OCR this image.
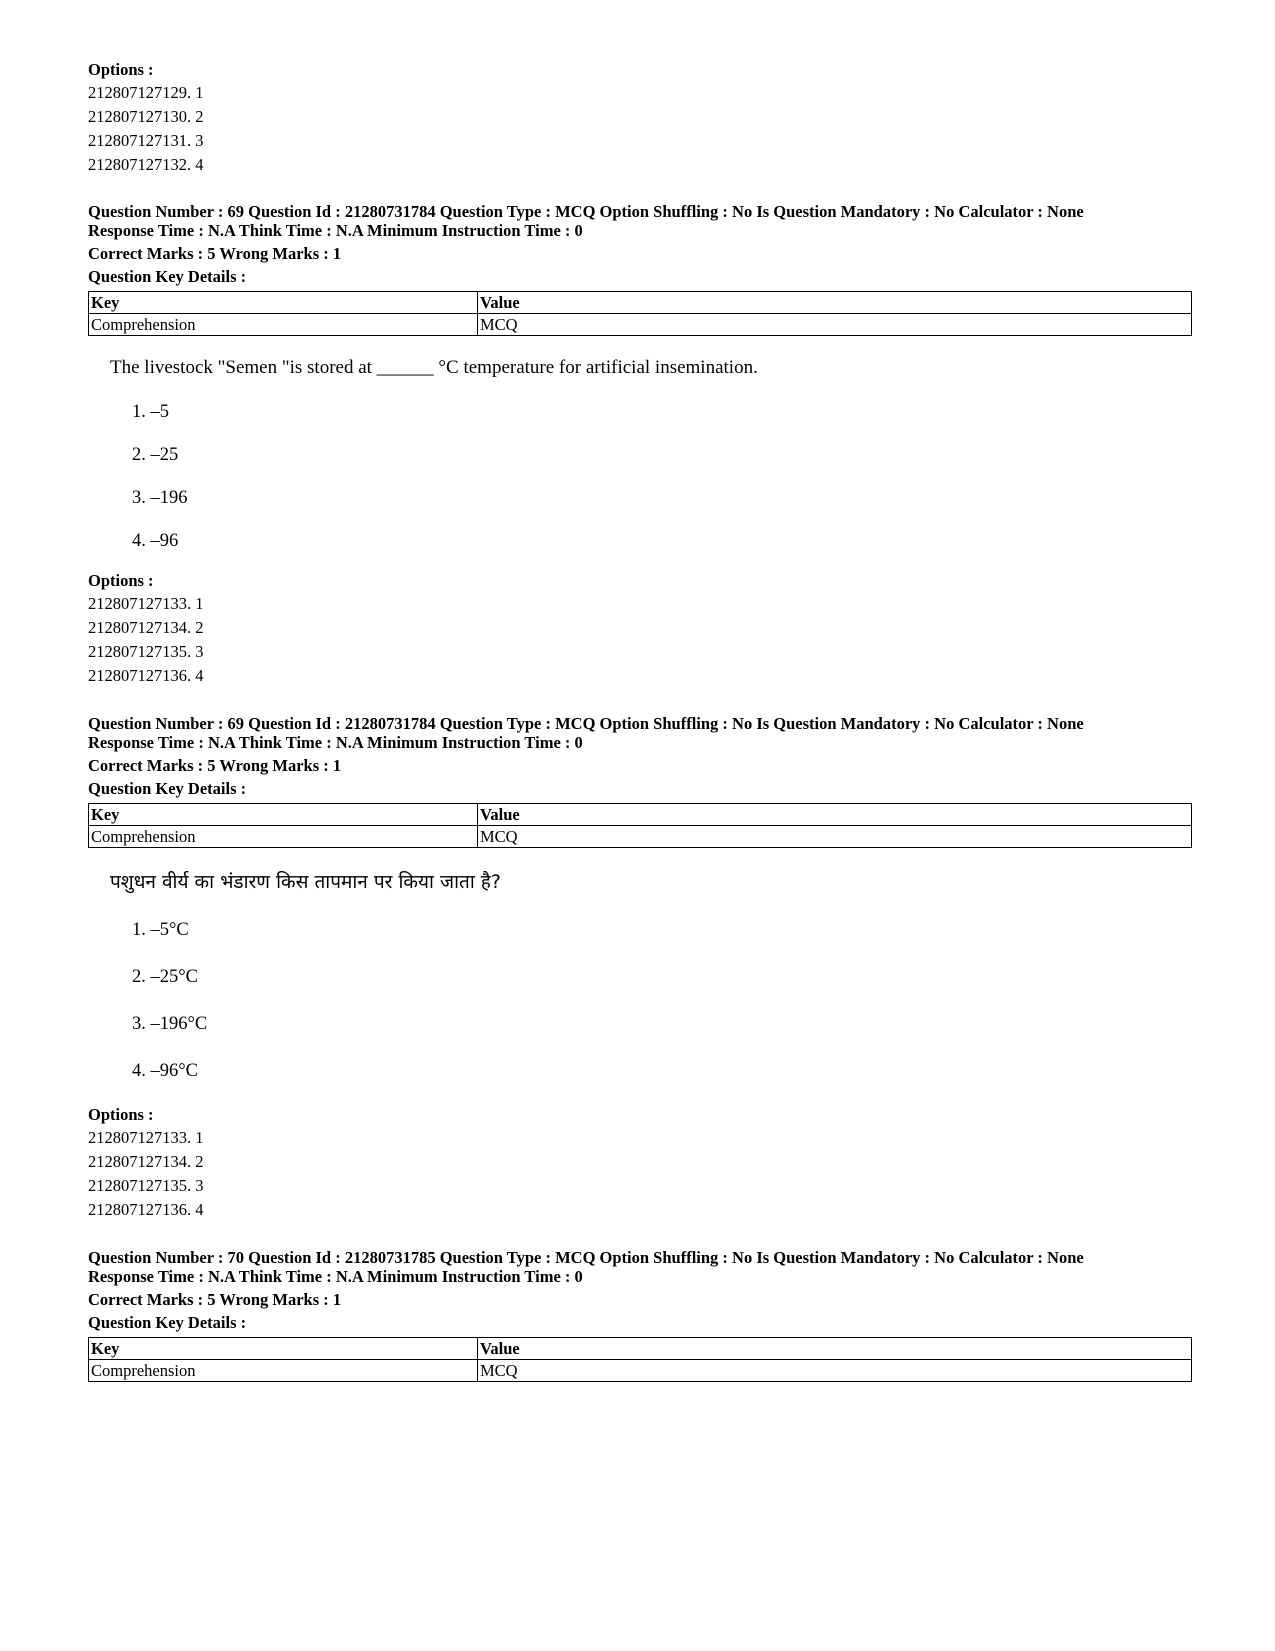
Options :
212807127129. 1
212807127130. 2
212807127131. 3
212807127132. 4
Question Number : 69 Question Id : 21280731784 Question Type : MCQ Option Shuffling : No Is Question Mandatory : No Calculator : None
Response Time : N.A Think Time : N.A Minimum Instruction Time : 0
Correct Marks : 5 Wrong Marks : 1
Question Key Details :
Key	Value
Comprehension	MCQ
The livestock "Semen "is stored at ______ °C temperature for artificial insemination.
1. –5
2. –25
3. –196
4. –96
Options :
212807127133. 1
212807127134. 2
212807127135. 3
212807127136. 4
Question Number : 69 Question Id : 21280731784 Question Type : MCQ Option Shuffling : No Is Question Mandatory : No Calculator : None
Response Time : N.A Think Time : N.A Minimum Instruction Time : 0
Correct Marks : 5 Wrong Marks : 1
Question Key Details :
Key	Value
Comprehension	MCQ
पशुधन वीर्य का भंडारण किस तापमान पर किया जाता है?
1. –5°C
2. –25°C
3. –196°C
4. –96°C
Options :
212807127133. 1
212807127134. 2
212807127135. 3
212807127136. 4
Question Number : 70 Question Id : 21280731785 Question Type : MCQ Option Shuffling : No Is Question Mandatory : No Calculator : None
Response Time : N.A Think Time : N.A Minimum Instruction Time : 0
Correct Marks : 5 Wrong Marks : 1
Question Key Details :
Key	Value
Comprehension	MCQ
